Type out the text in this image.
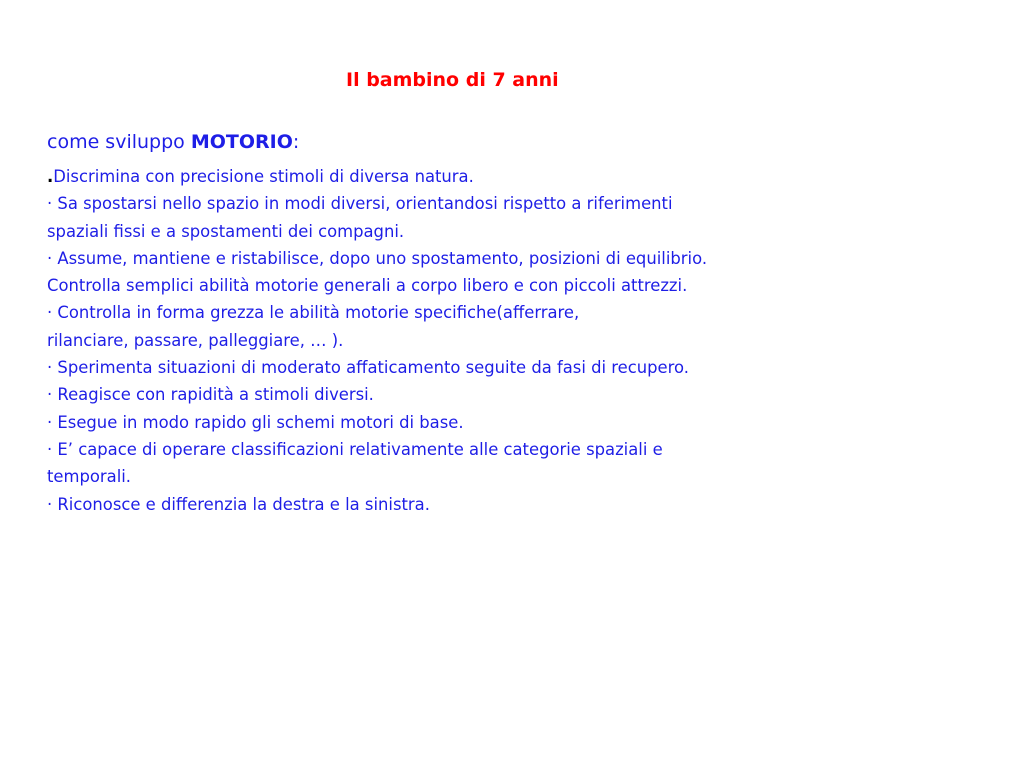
Il bambino di 7 anni
come sviluppo MOTORIO:
.Discrimina con precisione stimoli di diversa natura.
· Sa spostarsi nello spazio in modi diversi, orientandosi rispetto a riferimenti
spaziali fissi e a spostamenti dei compagni.
· Assume, mantiene e ristabilisce, dopo uno spostamento, posizioni di equilibrio.
Controlla semplici abilità motorie generali a corpo libero e con piccoli attrezzi.
· Controlla in forma grezza le abilità motorie specifiche(afferrare,
rilanciare, passare, palleggiare, … ).
· Sperimenta situazioni di moderato affaticamento seguite da fasi di recupero.
· Reagisce con rapidità a stimoli diversi.
· Esegue in modo rapido gli schemi motori di base.
· E’ capace di operare classificazioni relativamente alle categorie spaziali e
temporali.
· Riconosce e differenzia la destra e la sinistra.
